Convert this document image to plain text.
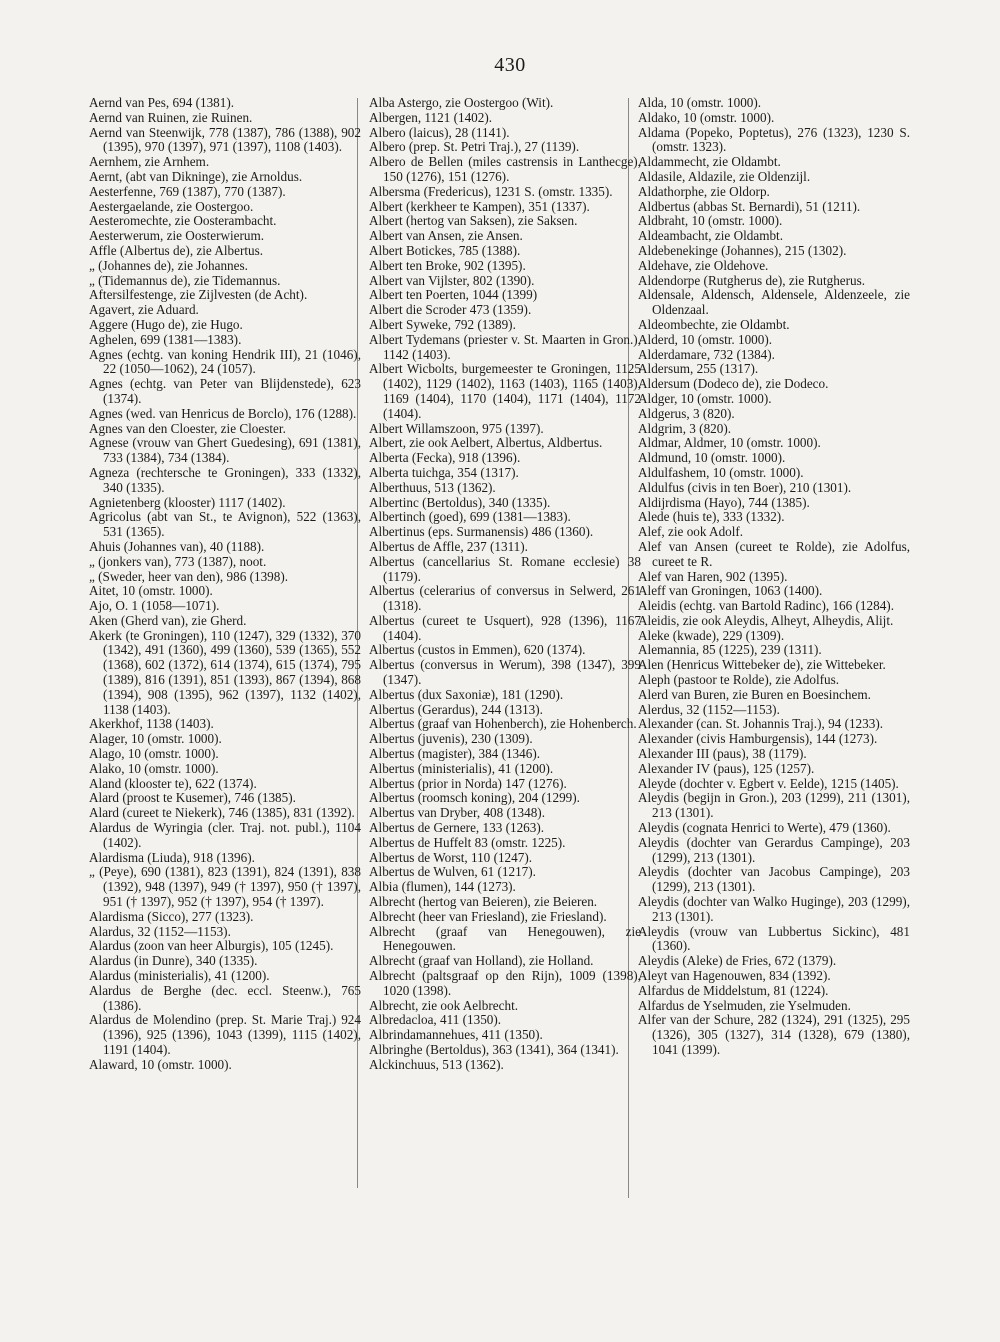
430

Aernd van Pes, 694 (1381).

Aernd van Ruinen, zie Ruinen.

Aernd van Steenwijk, 778 (1387), 786 (1388), 902 (1395), 970 (1397), 971 (1397), 1108 (1403).

Aernhem, zie Arnhem.

Aernt, (abt van Dikninge), zie Arnoldus.

Aesterfenne, 769 (1387), 770 (1387).

Aestergaelande, zie Oostergoo.

Aesteromechte, zie Oosterambacht.

Aesterwerum, zie Oosterwierum.

Affle (Albertus de), zie Albertus.

„ (Johannes de), zie Johannes.

„ (Tidemannus de), zie Tidemannus.

Aftersilfestenge, zie Zijlvesten (de Acht).

Agavert, zie Aduard.

Aggere (Hugo de), zie Hugo.

Aghelen, 699 (1381—1383).

Agnes (echtg. van koning Hendrik III), 21 (1046), 22 (1050—1062), 24 (1057).

Agnes (echtg. van Peter van Blijdenstede), 623 (1374).

Agnes (wed. van Henricus de Borclo), 176 (1288).

Agnes van den Cloester, zie Cloester.

Agnese (vrouw van Ghert Guedesing), 691 (1381), 733 (1384), 734 (1384).

Agneza (rechtersche te Groningen), 333 (1332), 340 (1335).

Agnietenberg (klooster) 1117 (1402).

Agricolus (abt van St., te Avignon), 522 (1363), 531 (1365).

Ahuis (Johannes van), 40 (1188).

„ (jonkers van), 773 (1387), noot.

„ (Sweder, heer van den), 986 (1398).

Aitet, 10 (omstr. 1000).

Ajo, O. 1 (1058—1071).

Aken (Gherd van), zie Gherd.

Akerk (te Groningen), 110 (1247), 329 (1332), 370 (1342), 491 (1360), 499 (1360), 539 (1365), 552 (1368), 602 (1372), 614 (1374), 615 (1374), 795 (1389), 816 (1391), 851 (1393), 867 (1394), 868 (1394), 908 (1395), 962 (1397), 1132 (1402), 1138 (1403).

Akerkhof, 1138 (1403).

Alager, 10 (omstr. 1000).

Alago, 10 (omstr. 1000).

Alako, 10 (omstr. 1000).

Aland (klooster te), 622 (1374).

Alard (proost te Kusemer), 746 (1385).

Alard (cureet te Niekerk), 746 (1385), 831 (1392).

Alardus de Wyringia (cler. Traj. not. publ.), 1104 (1402).

Alardisma (Liuda), 918 (1396).

„ (Peye), 690 (1381), 823 (1391), 824 (1391), 838 (1392), 948 (1397), 949 († 1397), 950 († 1397), 951 († 1397), 952 († 1397), 954 († 1397).

Alardisma (Sicco), 277 (1323).

Alardus, 32 (1152—1153).

Alardus (zoon van heer Alburgis), 105 (1245).

Alardus (in Dunre), 340 (1335).

Alardus (ministerialis), 41 (1200).

Alardus de Berghe (dec. eccl. Steenw.), 765 (1386).

Alardus de Molendino (prep. St. Marie Traj.) 924 (1396), 925 (1396), 1043 (1399), 1115 (1402), 1191 (1404).

Alaward, 10 (omstr. 1000).

Alba Astergo, zie Oostergoo (Wit).

Albergen, 1121 (1402).

Albero (laicus), 28 (1141).

Albero (prep. St. Petri Traj.), 27 (1139).

Albero de Bellen (miles castrensis in Lanthecge), 150 (1276), 151 (1276).

Albersma (Fredericus), 1231 S. (omstr. 1335).

Albert (kerkheer te Kampen), 351 (1337).

Albert (hertog van Saksen), zie Saksen.

Albert van Ansen, zie Ansen.

Albert Botickes, 785 (1388).

Albert ten Broke, 902 (1395).

Albert van Vijlster, 802 (1390).

Albert ten Poerten, 1044 (1399)

Albert die Scroder 473 (1359).

Albert Syweke, 792 (1389).

Albert Tydemans (priester v. St. Maarten in Gron.), 1142 (1403).

Albert Wicbolts, burgemeester te Groningen, 1125 (1402), 1129 (1402), 1163 (1403), 1165 (1403), 1169 (1404), 1170 (1404), 1171 (1404), 1172 (1404).

Albert Willamszoon, 975 (1397).

Albert, zie ook Aelbert, Albertus, Aldbertus.

Alberta (Fecka), 918 (1396).

Alberta tuichga, 354 (1317).

Alberthuus, 513 (1362).

Albertinc (Bertoldus), 340 (1335).

Albertinch (goed), 699 (1381—1383).

Albertinus (eps. Surmanensis) 486 (1360).

Albertus de Affle, 237 (1311).

Albertus (cancellarius St. Romane ecclesie) 38 (1179).

Albertus (celerarius of conversus in Selwerd, 261 (1318).

Albertus (cureet te Usquert), 928 (1396), 1167 (1404).

Albertus (custos in Emmen), 620 (1374).

Albertus (conversus in Werum), 398 (1347), 399 (1347).

Albertus (dux Saxoniæ), 181 (1290).

Albertus (Gerardus), 244 (1313).

Albertus (graaf van Hohenberch), zie Hohenberch.

Albertus (juvenis), 230 (1309).

Albertus (magister), 384 (1346).

Albertus (ministerialis), 41 (1200).

Albertus (prior in Norda) 147 (1276).

Albertus (roomsch koning), 204 (1299).

Albertus van Dryber, 408 (1348).

Albertus de Gernere, 133 (1263).

Albertus de Huffelt 83 (omstr. 1225).

Albertus de Worst, 110 (1247).

Albertus de Wulven, 61 (1217).

Albia (flumen), 144 (1273).

Albrecht (hertog van Beieren), zie Beieren.

Albrecht (heer van Friesland), zie Friesland).

Albrecht (graaf van Henegouwen), zie Henegouwen.

Albrecht (graaf van Holland), zie Holland.

Albrecht (paltsgraaf op den Rijn), 1009 (1398), 1020 (1398).

Albrecht, zie ook Aelbrecht.

Albredacloa, 411 (1350).

Albrindamannehues, 411 (1350).

Albringhe (Bertoldus), 363 (1341), 364 (1341).

Alckinchuus, 513 (1362).

Alda, 10 (omstr. 1000).

Aldako, 10 (omstr. 1000).

Aldama (Popeko, Poptetus), 276 (1323), 1230 S. (omstr. 1323).

Aldammecht, zie Oldambt.

Aldasile, Aldazile, zie Oldenzijl.

Aldathorphe, zie Oldorp.

Aldbertus (abbas St. Bernardi), 51 (1211).

Aldbraht, 10 (omstr. 1000).

Aldeambacht, zie Oldambt.

Aldebenekinge (Johannes), 215 (1302).

Aldehave, zie Oldehove.

Aldendorpe (Rutgherus de), zie Rutgherus.

Aldensale, Aldensch, Aldensele, Aldenzeele, zie Oldenzaal.

Aldeombechte, zie Oldambt.

Alderd, 10 (omstr. 1000).

Alderdamare, 732 (1384).

Aldersum, 255 (1317).

Aldersum (Dodeco de), zie Dodeco.

Aldger, 10 (omstr. 1000).

Aldgerus, 3 (820).

Aldgrim, 3 (820).

Aldmar, Aldmer, 10 (omstr. 1000).

Aldmund, 10 (omstr. 1000).

Aldulfashem, 10 (omstr. 1000).

Aldulfus (civis in ten Boer), 210 (1301).

Aldijrdisma (Hayo), 744 (1385).

Alede (huis te), 333 (1332).

Alef, zie ook Adolf.

Alef van Ansen (cureet te Rolde), zie Adolfus, cureet te R.

Alef van Haren, 902 (1395).

Aleff van Groningen, 1063 (1400).

Aleidis (echtg. van Bartold Radinc), 166 (1284).

Aleidis, zie ook Aleydis, Alheyt, Alheydis, Alijt.

Aleke (kwade), 229 (1309).

Alemannia, 85 (1225), 239 (1311).

Alen (Henricus Wittebeker de), zie Wittebeker.

Aleph (pastoor te Rolde), zie Adolfus.

Alerd van Buren, zie Buren en Boesinchem.

Alerdus, 32 (1152—1153).

Alexander (can. St. Johannis Traj.), 94 (1233).

Alexander (civis Hamburgensis), 144 (1273).

Alexander III (paus), 38 (1179).

Alexander IV (paus), 125 (1257).

Aleyde (dochter v. Egbert v. Eelde), 1215 (1405).

Aleydis (begijn in Gron.), 203 (1299), 211 (1301), 213 (1301).

Aleydis (cognata Henrici to Werte), 479 (1360).

Aleydis (dochter van Gerardus Campinge), 203 (1299), 213 (1301).

Aleydis (dochter van Jacobus Campinge), 203 (1299), 213 (1301).

Aleydis (dochter van Walko Huginge), 203 (1299), 213 (1301).

Aleydis (vrouw van Lubbertus Sickinc), 481 (1360).

Aleydis (Aleke) de Fries, 672 (1379).

Aleyt van Hagenouwen, 834 (1392).

Alfardus de Middelstum, 81 (1224).

Alfardus de Yselmuden, zie Yselmuden.

Alfer van der Schure, 282 (1324), 291 (1325), 295 (1326), 305 (1327), 314 (1328), 679 (1380), 1041 (1399).
